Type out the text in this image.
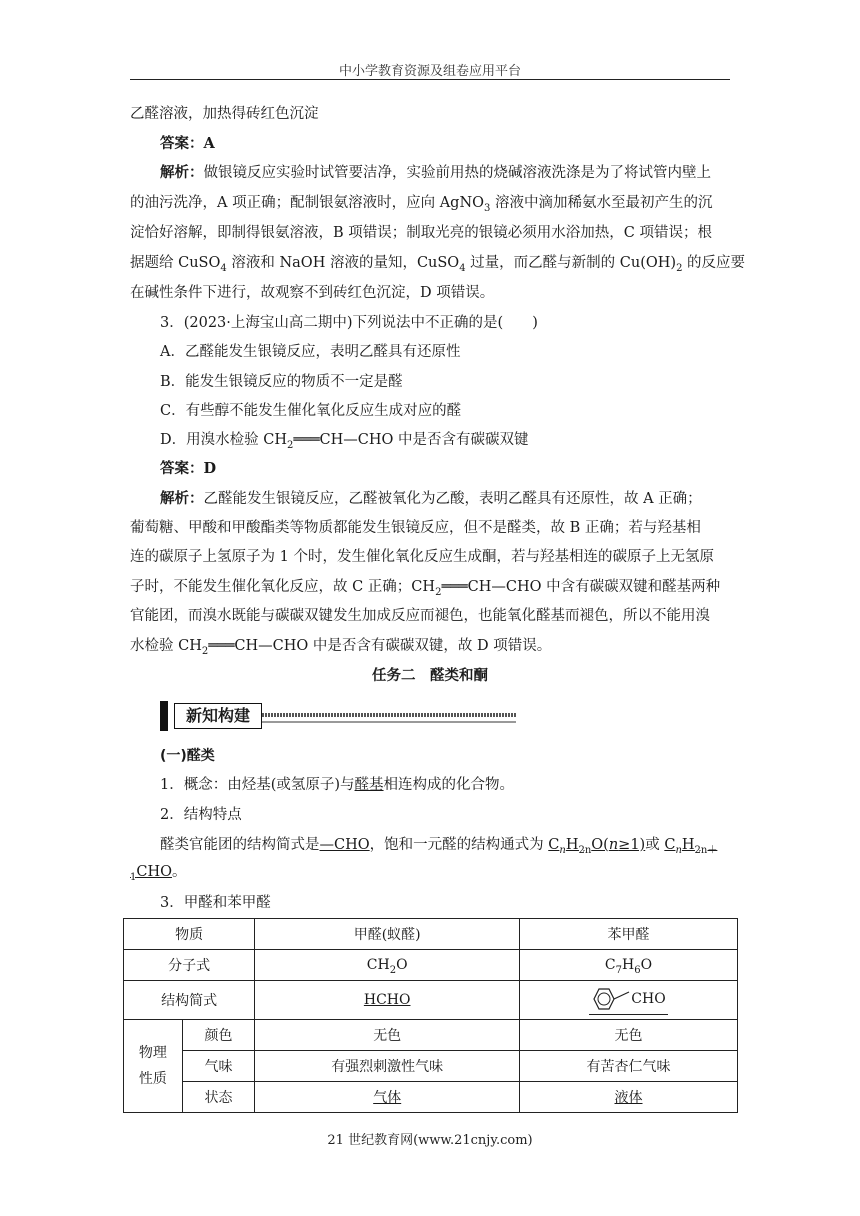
中小学教育资源及组卷应用平台
乙醛溶液，加热得砖红色沉淀
答案：A
解析：做银镜反应实验时试管要洁净，实验前用热的烧碱溶液洗涤是为了将试管内壁上
的油污洗净，A 项正确；配制银氨溶液时，应向 AgNO$_3$ 溶液中滴加稀氨水至最初产生的沉
淀恰好溶解，即制得银氨溶液，B 项错误；制取光亮的银镜必须用水浴加热，C 项错误；根
据题给 CuSO$_4$ 溶液和 NaOH 溶液的量知，CuSO$_4$ 过量，而乙醛与新制的 $Cu(OH)_2$ 的反应要
在碱性条件下进行，故观察不到砖红色沉淀，D 项错误。
3．(2023·上海宝山高二期中)下列说法中不正确的是(　　)
A．乙醛能发生银镜反应，表明乙醛具有还原性
B．能发生银镜反应的物质不一定是醛
C．有些醇不能发生催化氧化反应生成对应的醛
D．用溴水检验 $CH_2═══CH—CHO$ 中是否含有碳碳双键
答案：D
解析：乙醛能发生银镜反应，乙醛被氧化为乙酸，表明乙醛具有还原性，故 A 正确；
葡萄糖、甲酸和甲酸酯类等物质都能发生银镜反应，但不是醛类，故 B 正确；若与羟基相
连的碳原子上氢原子为 1 个时，发生催化氧化反应生成酮，若与羟基相连的碳原子上无氢原
子时，不能发生催化氧化反应，故 C 正确；$CH_2═══CH—CHO$ 中含有碳碳双键和醛基两种
官能团，而溴水既能与碳碳双键发生加成反应而褪色，也能氧化醛基而褪色，所以不能用溴
水检验 $CH_2═══CH—CHO$ 中是否含有碳碳双键，故 D 项错误。
任务二　醛类和酮
新知构建
(一)醛类
1．概念：由烃基(或氢原子)与醛基相连构成的化合物。
2．结构特点
醛类官能团的结构简式是—CHO，饱和一元醛的结构通式为 $C_nH_{2n}O(n\ge 1)$或 $C_nH_{2n+}$
$_1$CHO。
3．甲醛和苯甲醛
物质		甲醛(蚁醛)	苯甲醛
分子式		$CH_2O$	$C_7H_6O$
结构简式		HCHO	CHO
物理
性质	颜色	无色	无色
	气味	有强烈刺激性气味	有苦杏仁气味
	状态	气体	液体
21 世纪教育网(www.21cnjy.com)
